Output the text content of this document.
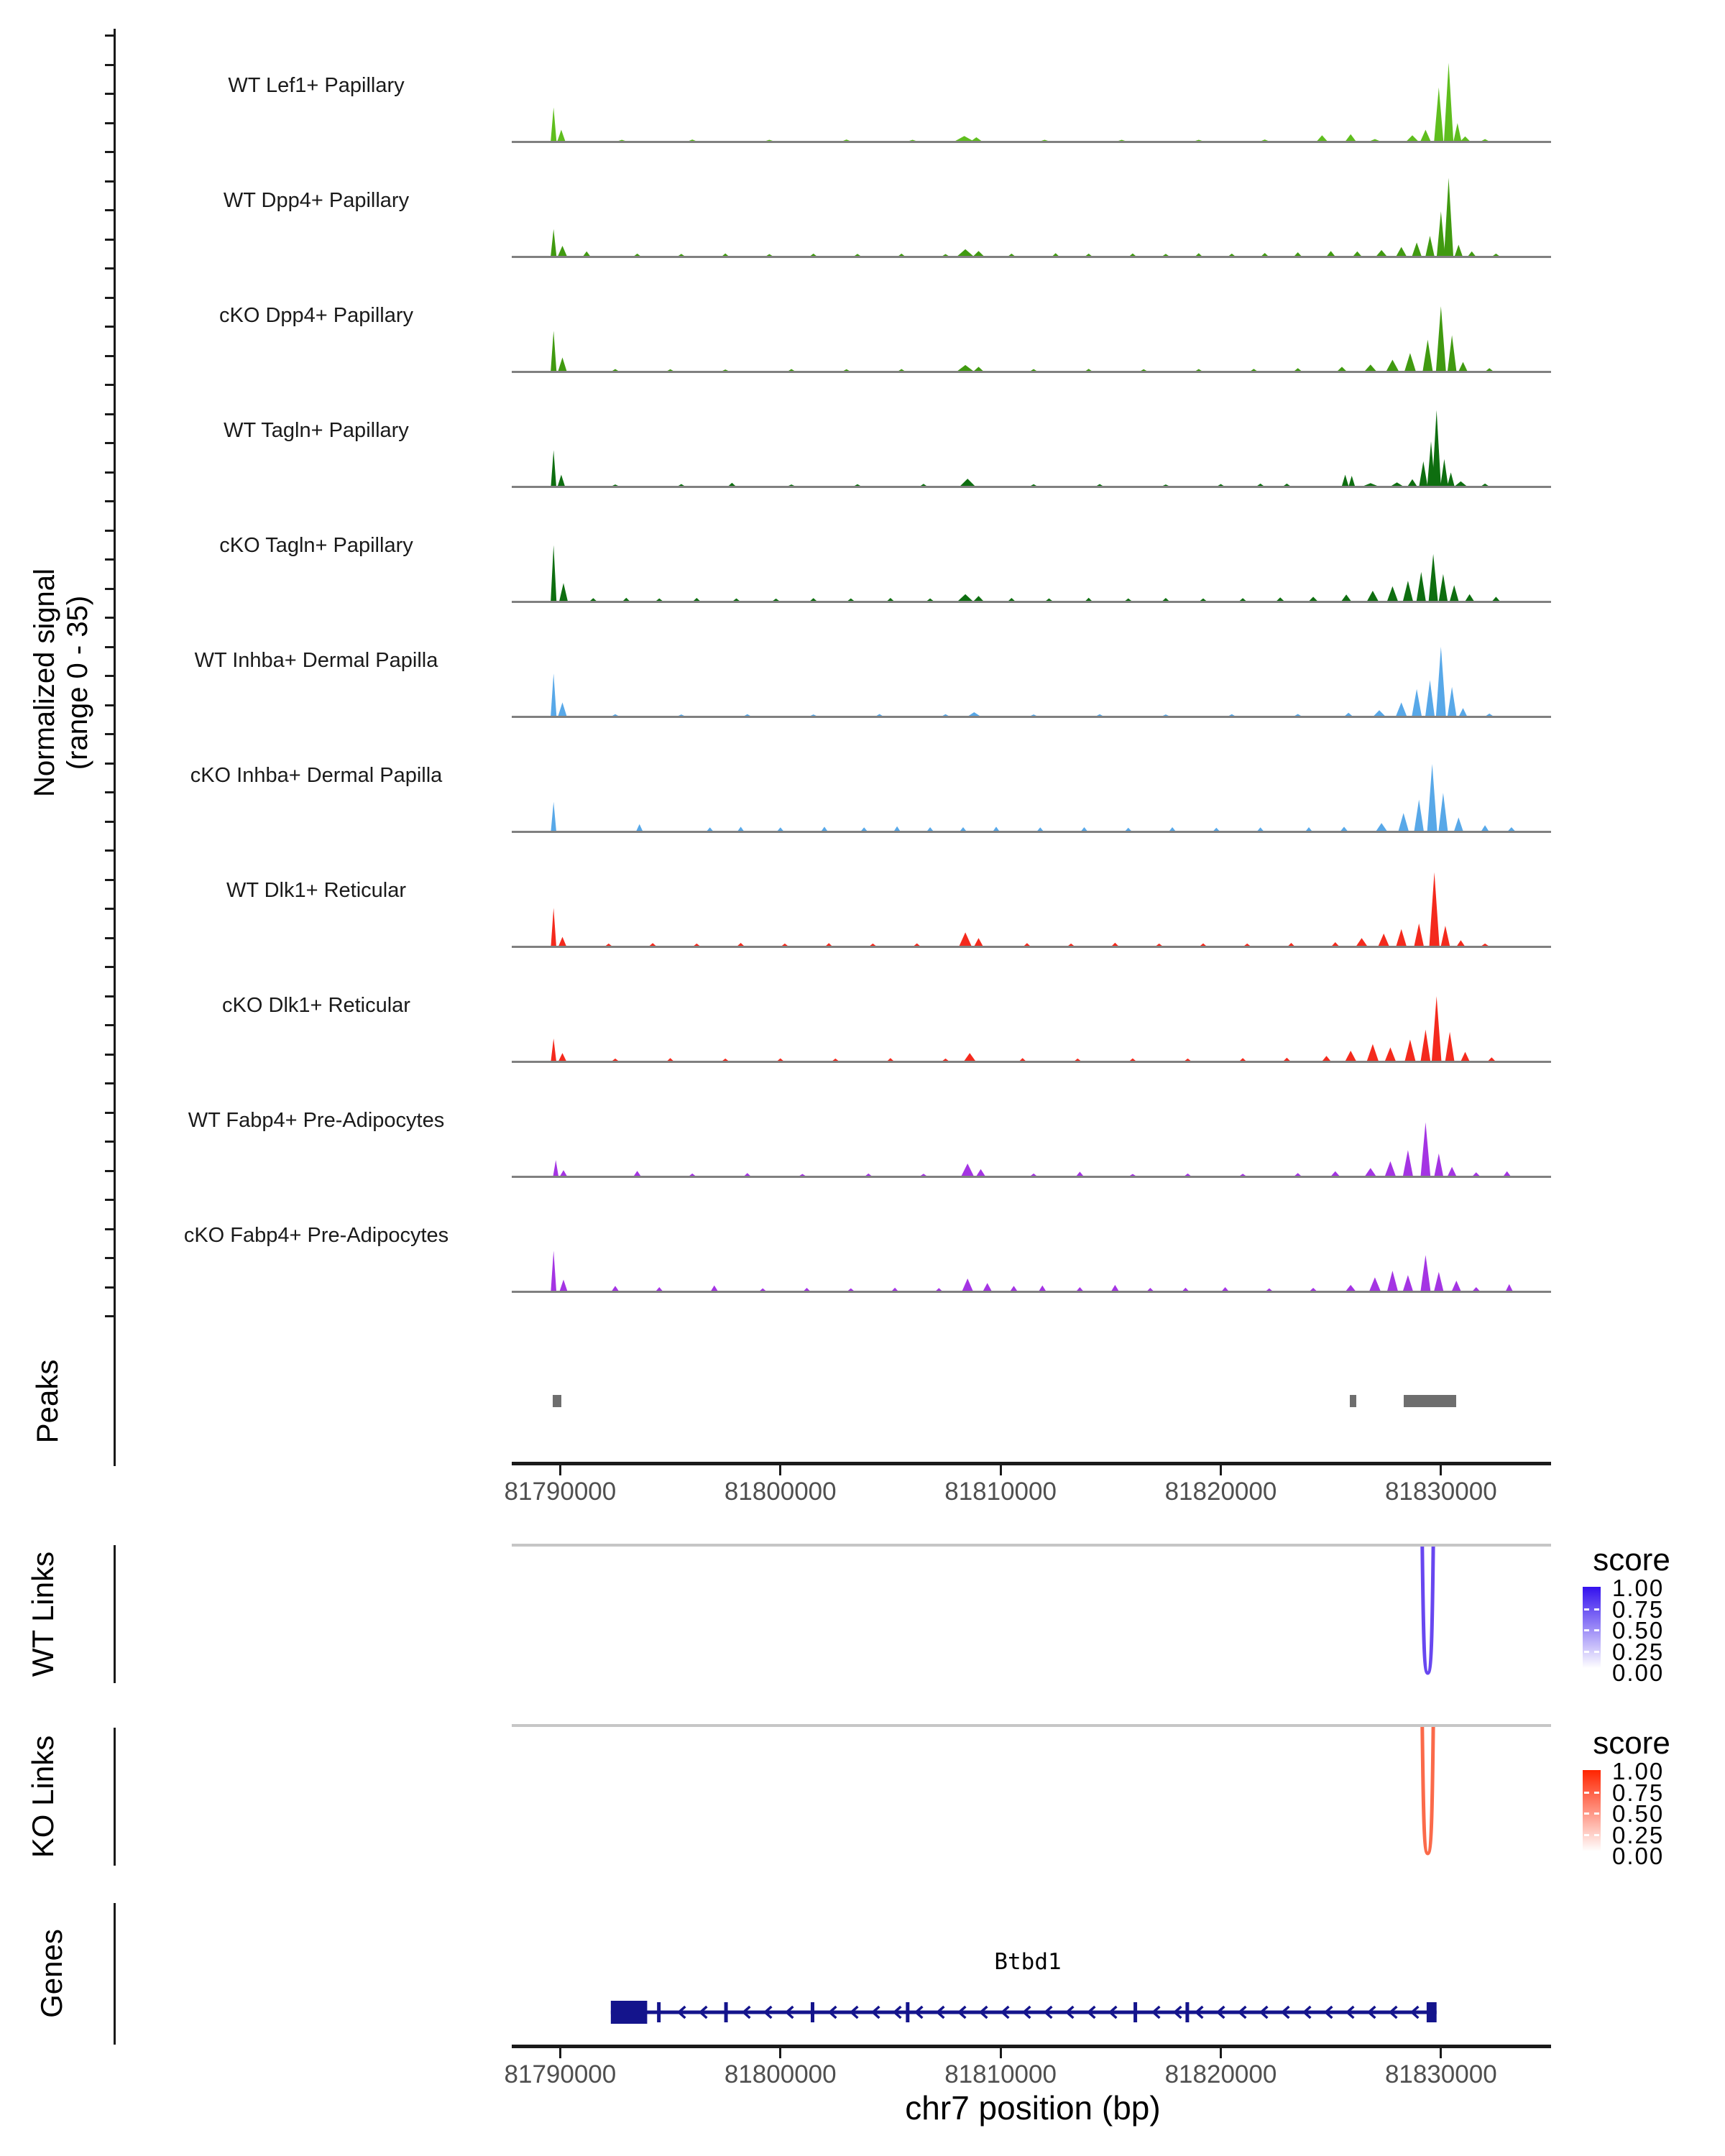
Normalized signal (range 0 - 35)
WT Lef1+ Papillary
WT Dpp4+ Papillary
cKO Dpp4+ Papillary
WT Tagln+ Papillary
cKO Tagln+ Papillary
WT Inhba+ Dermal Papilla
cKO Inhba+ Dermal Papilla
WT Dlk1+ Reticular
cKO Dlk1+ Reticular
WT Fabp4+ Pre-Adipocytes
cKO Fabp4+ Pre-Adipocytes
Peaks
81790000	81800000	81810000	81820000	81830000
WT Links	score
1.00
0.75
0.50
0.25
0.00
KO Links	score
1.00
0.75
0.50
0.25
0.00
Genes	Btbd1
81790000	81800000	81810000	81820000	81830000
chr7 position (bp)
